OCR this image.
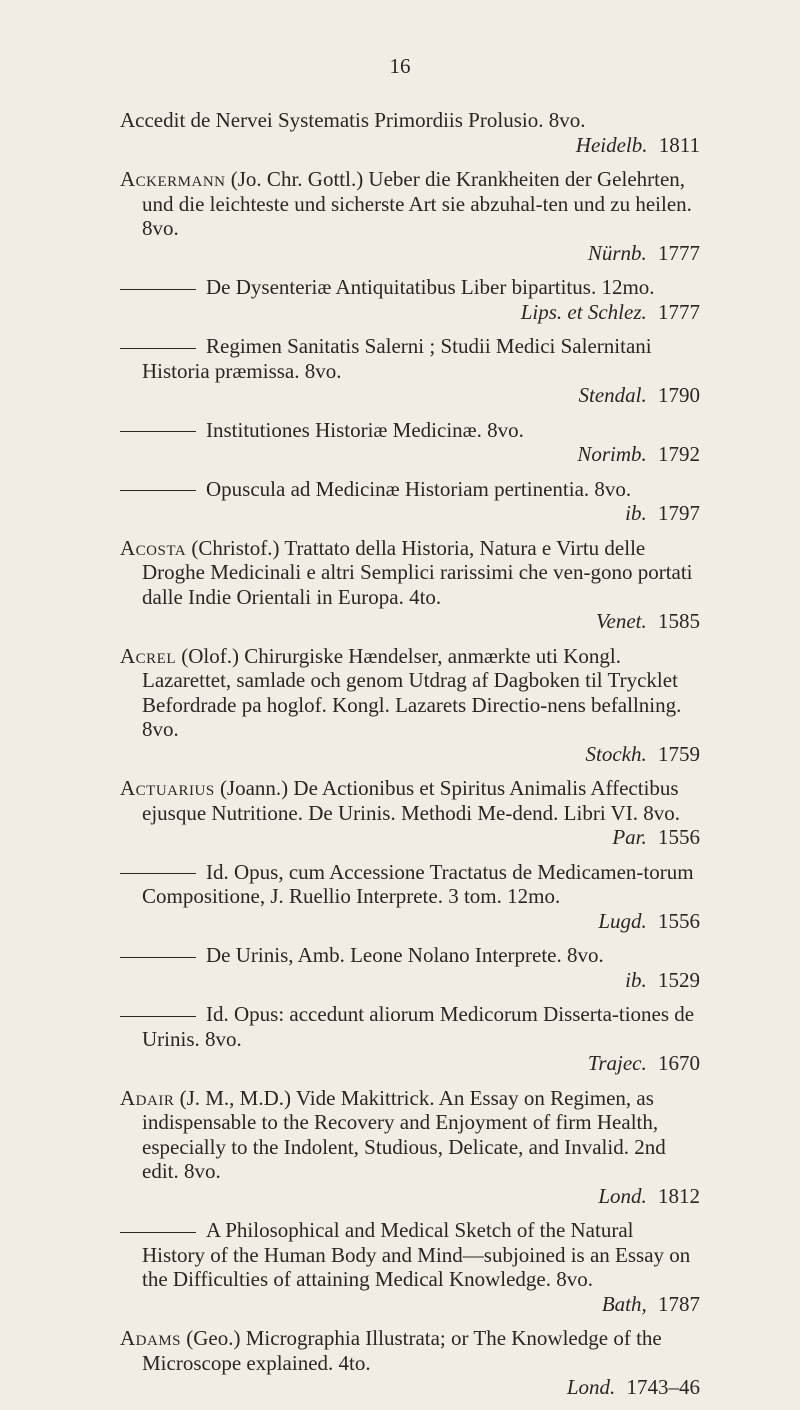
16

Accedit de Nervei Systematis Primordiis Prolusio. 8vo.
Heidelb. 1811

Ackermann (Jo. Chr. Gottl.) Ueber die Krankheiten der Gelehrten, und die leichteste und sicherste Art sie abzuhal-ten und zu heilen. 8vo.
Nürnb. 1777

De Dysenteriæ Antiquitatibus Liber bipartitus. 12mo.
Lips. et Schlez. 1777

Regimen Sanitatis Salerni ; Studii Medici Salernitani Historia præmissa. 8vo.
Stendal. 1790

Institutiones Historiæ Medicinæ. 8vo.
Norimb. 1792

Opuscula ad Medicinæ Historiam pertinentia. 8vo.
ib. 1797

Acosta (Christof.) Trattato della Historia, Natura e Virtu delle Droghe Medicinali e altri Semplici rarissimi che ven-gono portati dalle Indie Orientali in Europa. 4to.
Venet. 1585

Acrel (Olof.) Chirurgiske Hændelser, anmærkte uti Kongl. Lazarettet, samlade och genom Utdrag af Dagboken til Trycklet Befordrade pa hoglof. Kongl. Lazarets Directio-nens befallning. 8vo.
Stockh. 1759

Actuarius (Joann.) De Actionibus et Spiritus Animalis Affectibus ejusque Nutritione. De Urinis. Methodi Me-dend. Libri VI. 8vo.
Par. 1556

Id. Opus, cum Accessione Tractatus de Medicamen-torum Compositione, J. Ruellio Interprete. 3 tom. 12mo.
Lugd. 1556

De Urinis, Amb. Leone Nolano Interprete. 8vo.
ib. 1529

Id. Opus: accedunt aliorum Medicorum Disserta-tiones de Urinis. 8vo.
Trajec. 1670

Adair (J. M., M.D.) Vide Makittrick. An Essay on Regimen, as indispensable to the Recovery and Enjoyment of firm Health, especially to the Indolent, Studious, Delicate, and Invalid. 2nd edit. 8vo.
Lond. 1812

A Philosophical and Medical Sketch of the Natural History of the Human Body and Mind—subjoined is an Essay on the Difficulties of attaining Medical Knowledge. 8vo.
Bath, 1787

Adams (Geo.) Micrographia Illustrata; or The Knowledge of the Microscope explained. 4to.
Lond. 1743–46
